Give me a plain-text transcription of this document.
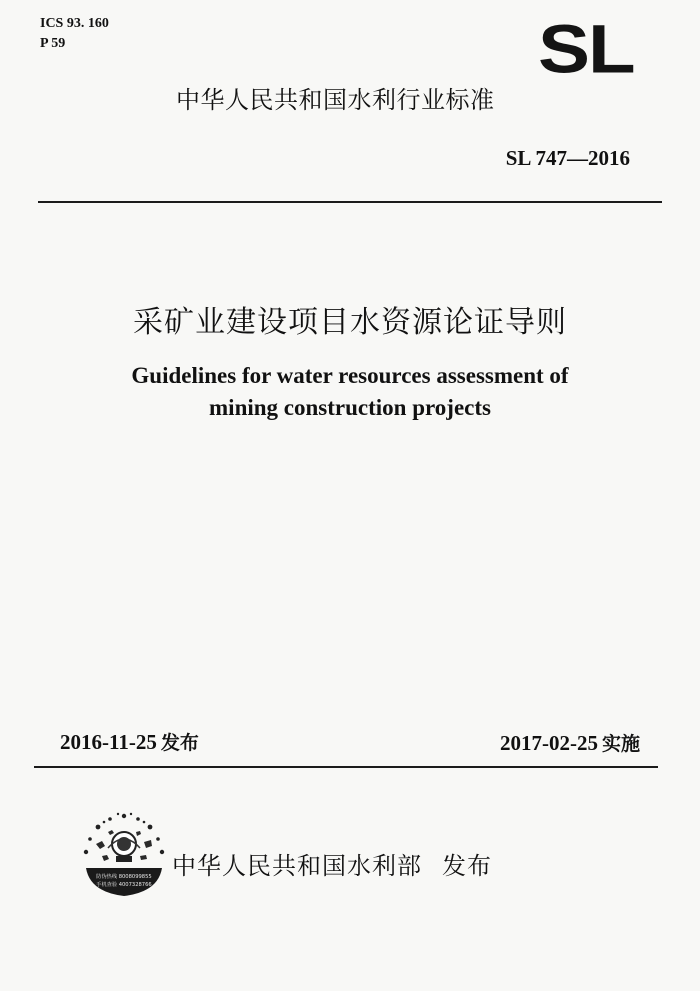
ICS 93. 160
P 59	SL
中华人民共和国水利行业标准
SL 747—2016
采矿业建设项目水资源论证导则
Guidelines for water resources assessment of
mining construction projects
2016-11-25 发布	2017-02-25 实施
防伪热线 8008099855
手机查验 4007328766
中华人民共和国水利部 发布
